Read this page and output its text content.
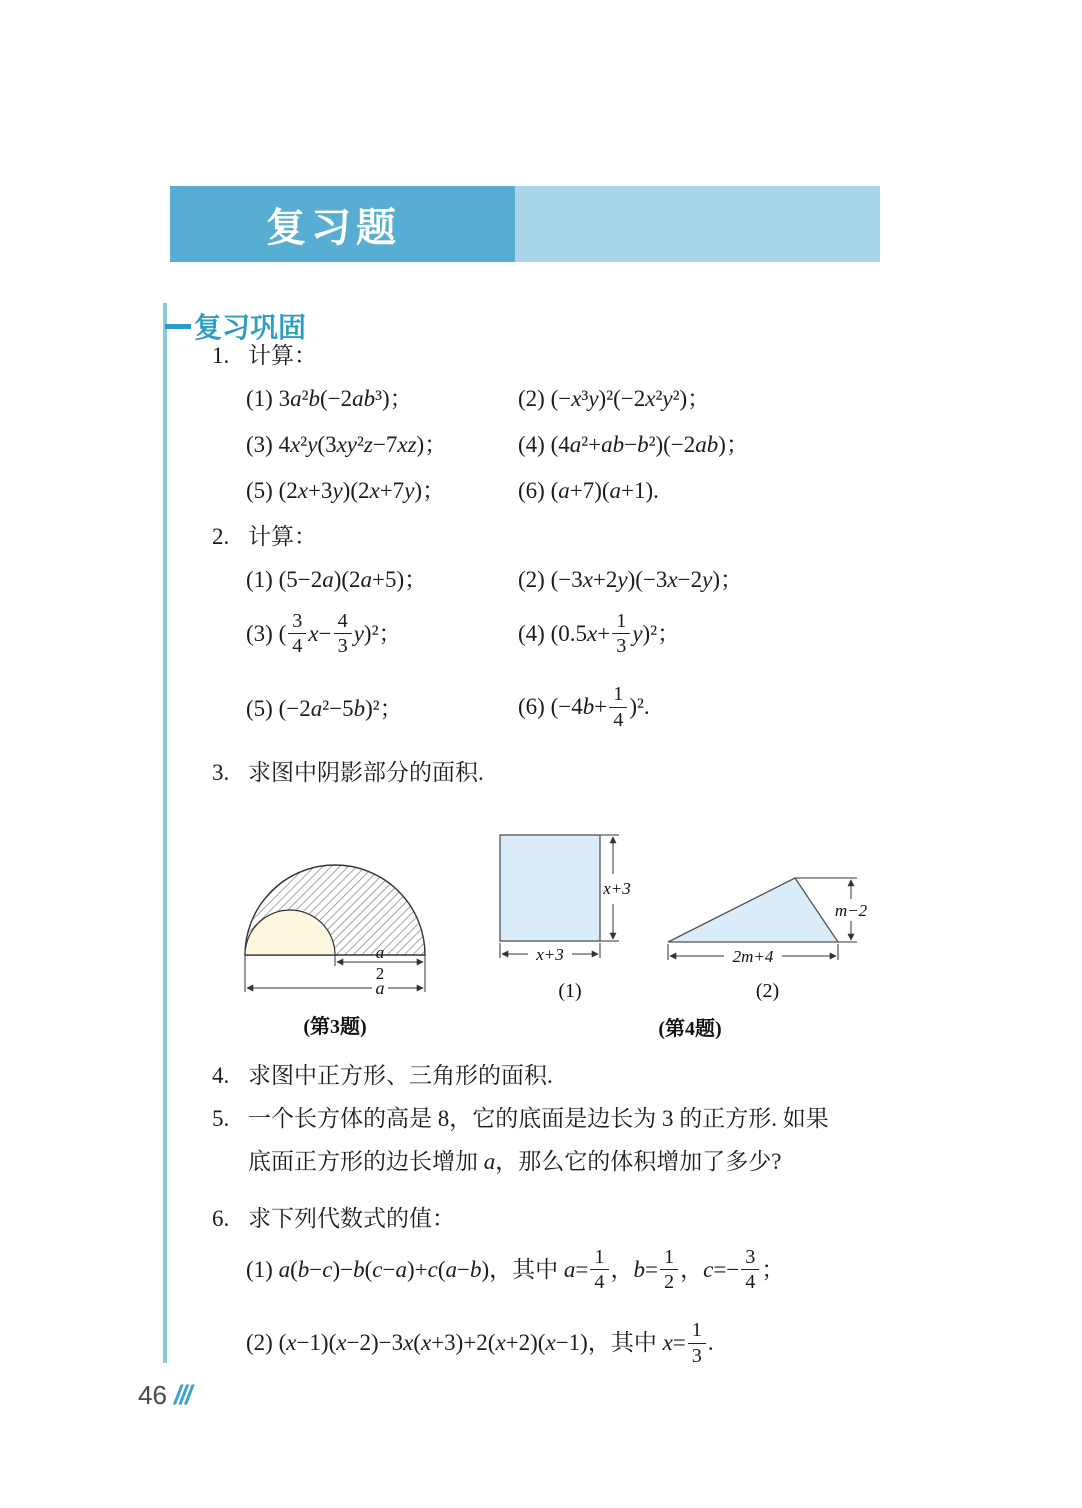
复习题
复习巩固
1. 计算：
(1) 3a²b(−2ab³)；	(2) (−x³y)²(−2x²y²)；
(3) 4x²y(3xy²z−7xz)；	(4) (4a²+ab−b²)(−2ab)；
(5) (2x+3y)(2x+7y)；	(6) (a+7)(a+1).
2. 计算：
(1) (5−2a)(2a+5)；	(2) (−3x+2y)(−3x−2y)；
(3) ( $\frac{3}{4} x- \frac{4}{3} y)^2$；	(4) $(0.5x+ \frac{1}{3} y)^2$；
(5) (−2a²−5b)²；	(6) $(-4b+ \frac{1}{4} )^2$.
3. 求图中阴影部分的面积.
a
2
a
(第3题)
x+3
x+3
(1)
m−2
2m+4
(2)
(第4题)
4. 求图中正方形、三角形的面积.
5. 一个长方体的高是 8，它的底面是边长为 3 的正方形. 如果
底面正方形的边长增加 a，那么它的体积增加了多少?
6. 求下列代数式的值：
(1) a(b−c)−b(c−a)+c(a−b)，其中 $a= \frac{1}{4}$ ，$b= \frac{1}{2}$ ，$c=- \frac{3}{4}$ ；
(2) (x−1)(x−2)−3x(x+3)+2(x+2)(x−1)，其中 $x= \frac{1}{3}$ .
46 ///
